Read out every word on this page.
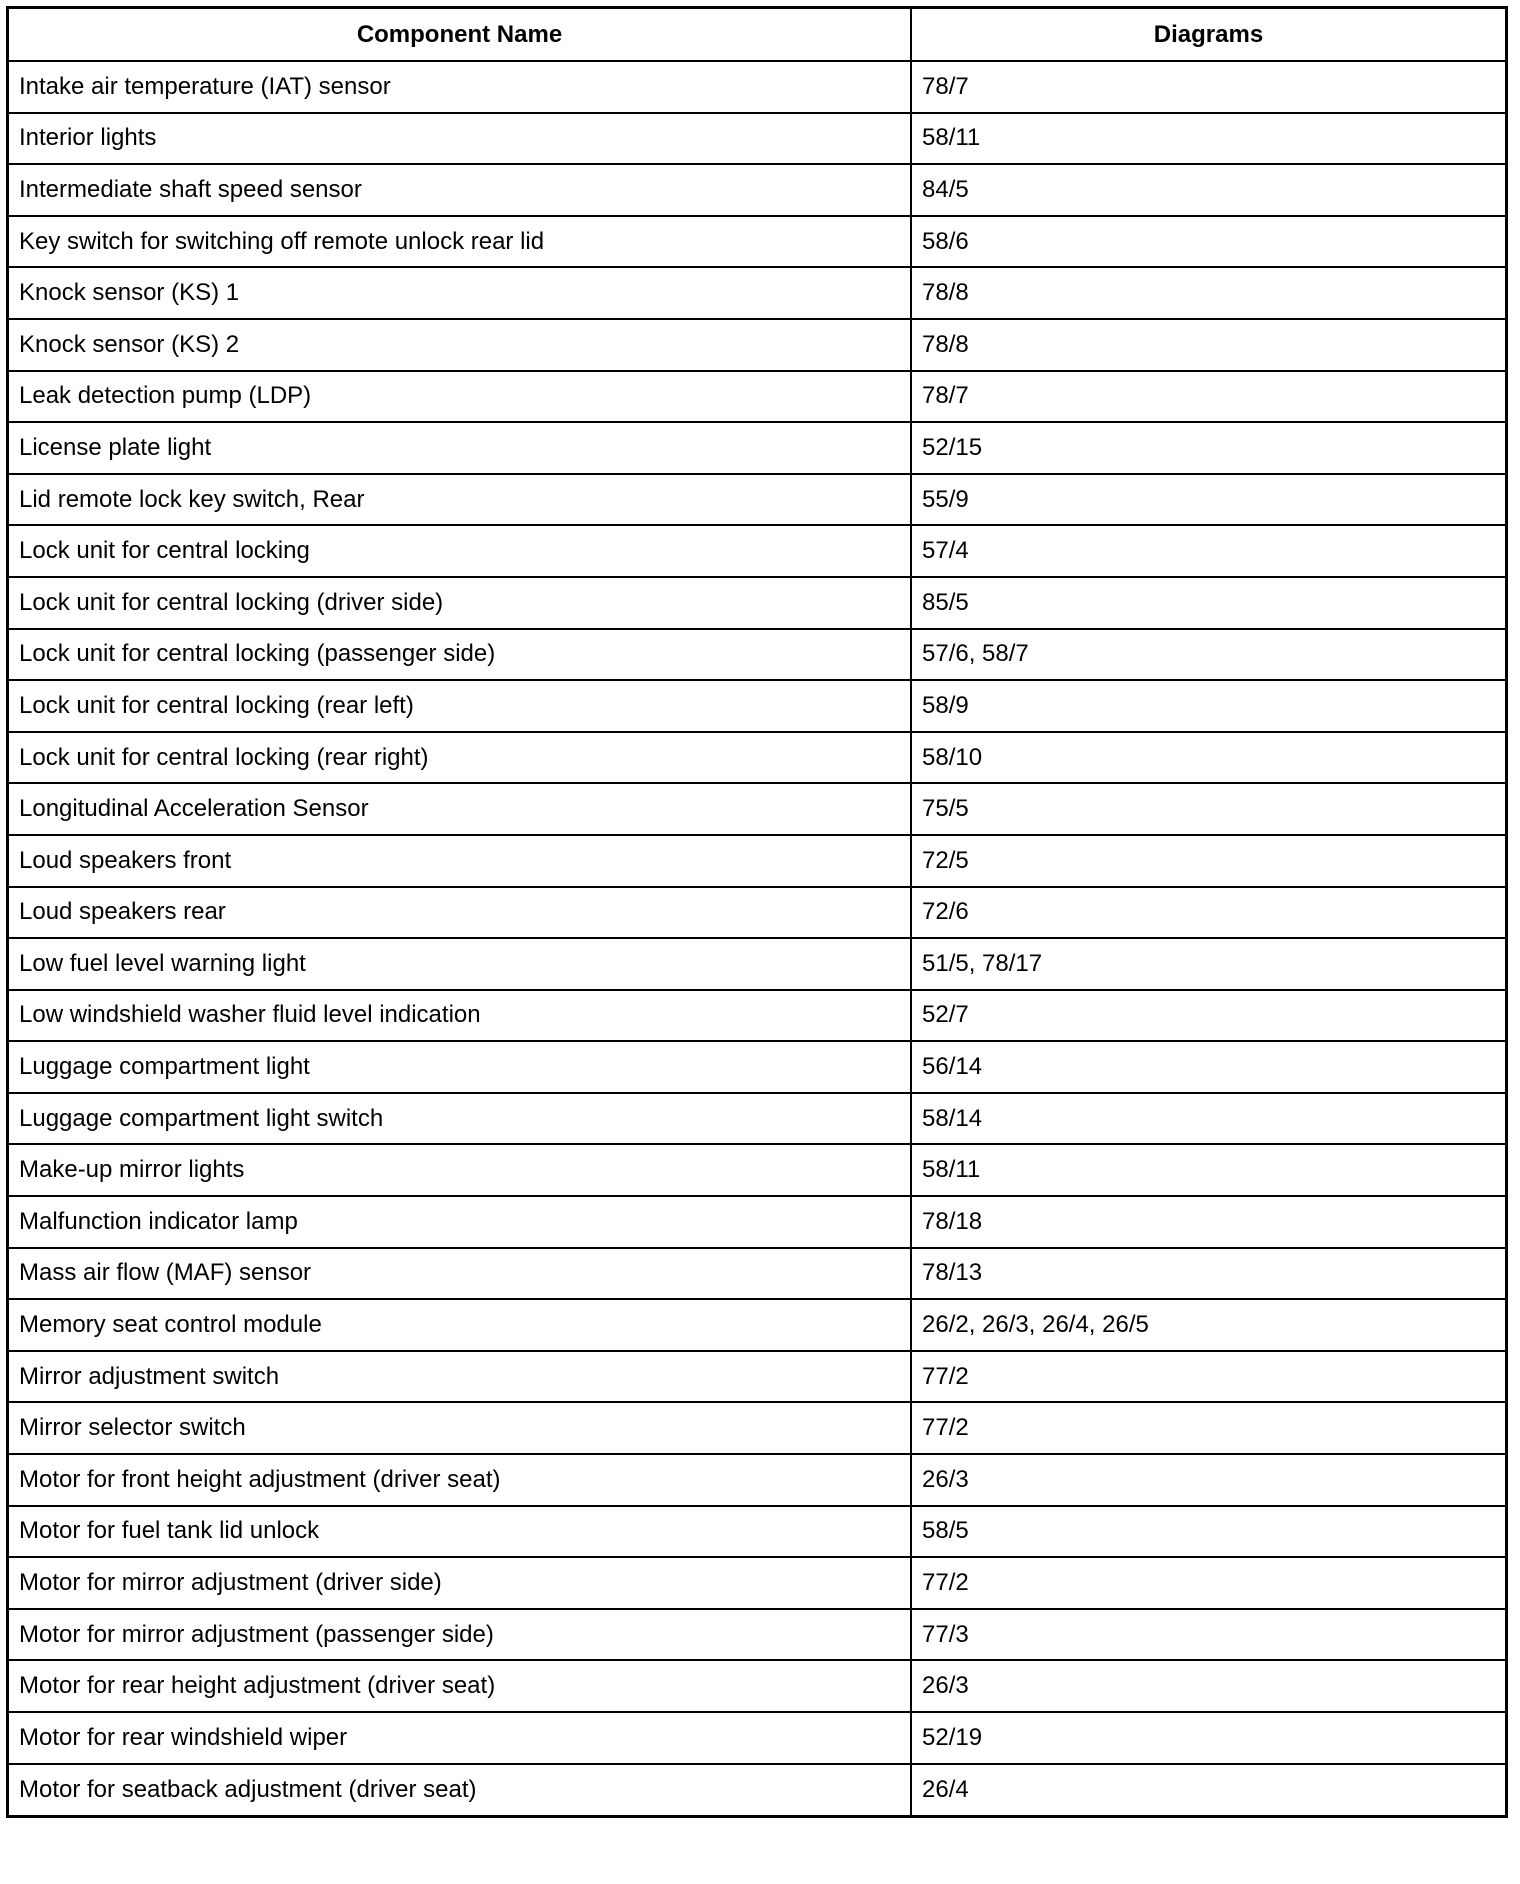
Component Name	Diagrams
Intake air temperature (IAT) sensor	78/7
Interior lights	58/11
Intermediate shaft speed sensor	84/5
Key switch for switching off remote unlock rear lid	58/6
Knock sensor (KS) 1	78/8
Knock sensor (KS) 2	78/8
Leak detection pump (LDP)	78/7
License plate light	52/15
Lid remote lock key switch, Rear	55/9
Lock unit for central locking	57/4
Lock unit for central locking (driver side)	85/5
Lock unit for central locking (passenger side)	57/6, 58/7
Lock unit for central locking (rear left)	58/9
Lock unit for central locking (rear right)	58/10
Longitudinal Acceleration Sensor	75/5
Loud speakers front	72/5
Loud speakers rear	72/6
Low fuel level warning light	51/5, 78/17
Low windshield washer fluid level indication	52/7
Luggage compartment light	56/14
Luggage compartment light switch	58/14
Make-up mirror lights	58/11
Malfunction indicator lamp	78/18
Mass air flow (MAF) sensor	78/13
Memory seat control module	26/2, 26/3, 26/4, 26/5
Mirror adjustment switch	77/2
Mirror selector switch	77/2
Motor for front height adjustment (driver seat)	26/3
Motor for fuel tank lid unlock	58/5
Motor for mirror adjustment (driver side)	77/2
Motor for mirror adjustment (passenger side)	77/3
Motor for rear height adjustment (driver seat)	26/3
Motor for rear windshield wiper	52/19
Motor for seatback adjustment (driver seat)	26/4
